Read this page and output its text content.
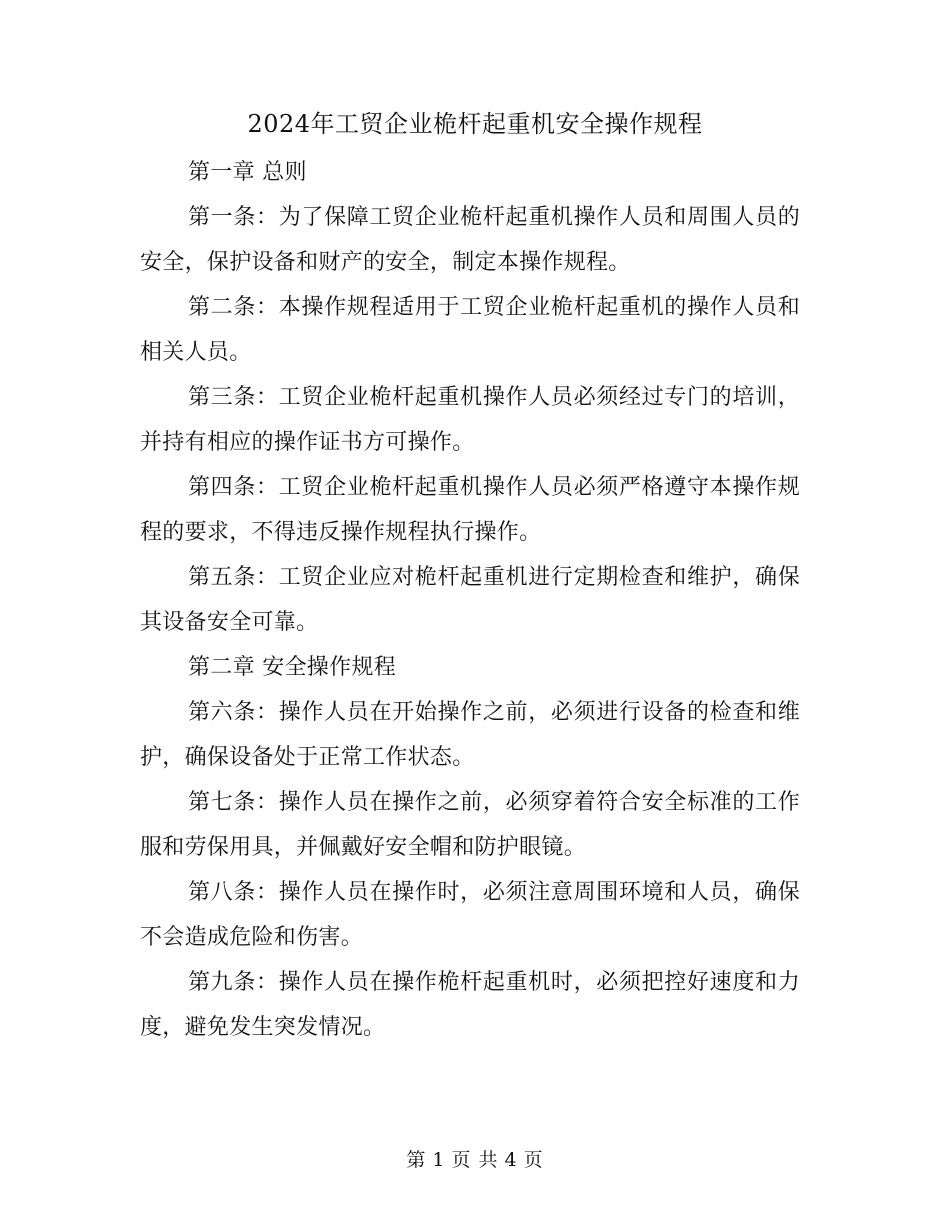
2024年工贸企业桅杆起重机安全操作规程

第一章 总则

第一条：为了保障工贸企业桅杆起重机操作人员和周围人员的安全，保护设备和财产的安全，制定本操作规程。

第二条：本操作规程适用于工贸企业桅杆起重机的操作人员和相关人员。

第三条：工贸企业桅杆起重机操作人员必须经过专门的培训，并持有相应的操作证书方可操作。

第四条：工贸企业桅杆起重机操作人员必须严格遵守本操作规程的要求，不得违反操作规程执行操作。

第五条：工贸企业应对桅杆起重机进行定期检查和维护，确保其设备安全可靠。

第二章 安全操作规程

第六条：操作人员在开始操作之前，必须进行设备的检查和维护，确保设备处于正常工作状态。

第七条：操作人员在操作之前，必须穿着符合安全标准的工作服和劳保用具，并佩戴好安全帽和防护眼镜。

第八条：操作人员在操作时，必须注意周围环境和人员，确保不会造成危险和伤害。

第九条：操作人员在操作桅杆起重机时，必须把控好速度和力度，避免发生突发情况。

第 1 页 共 4 页
